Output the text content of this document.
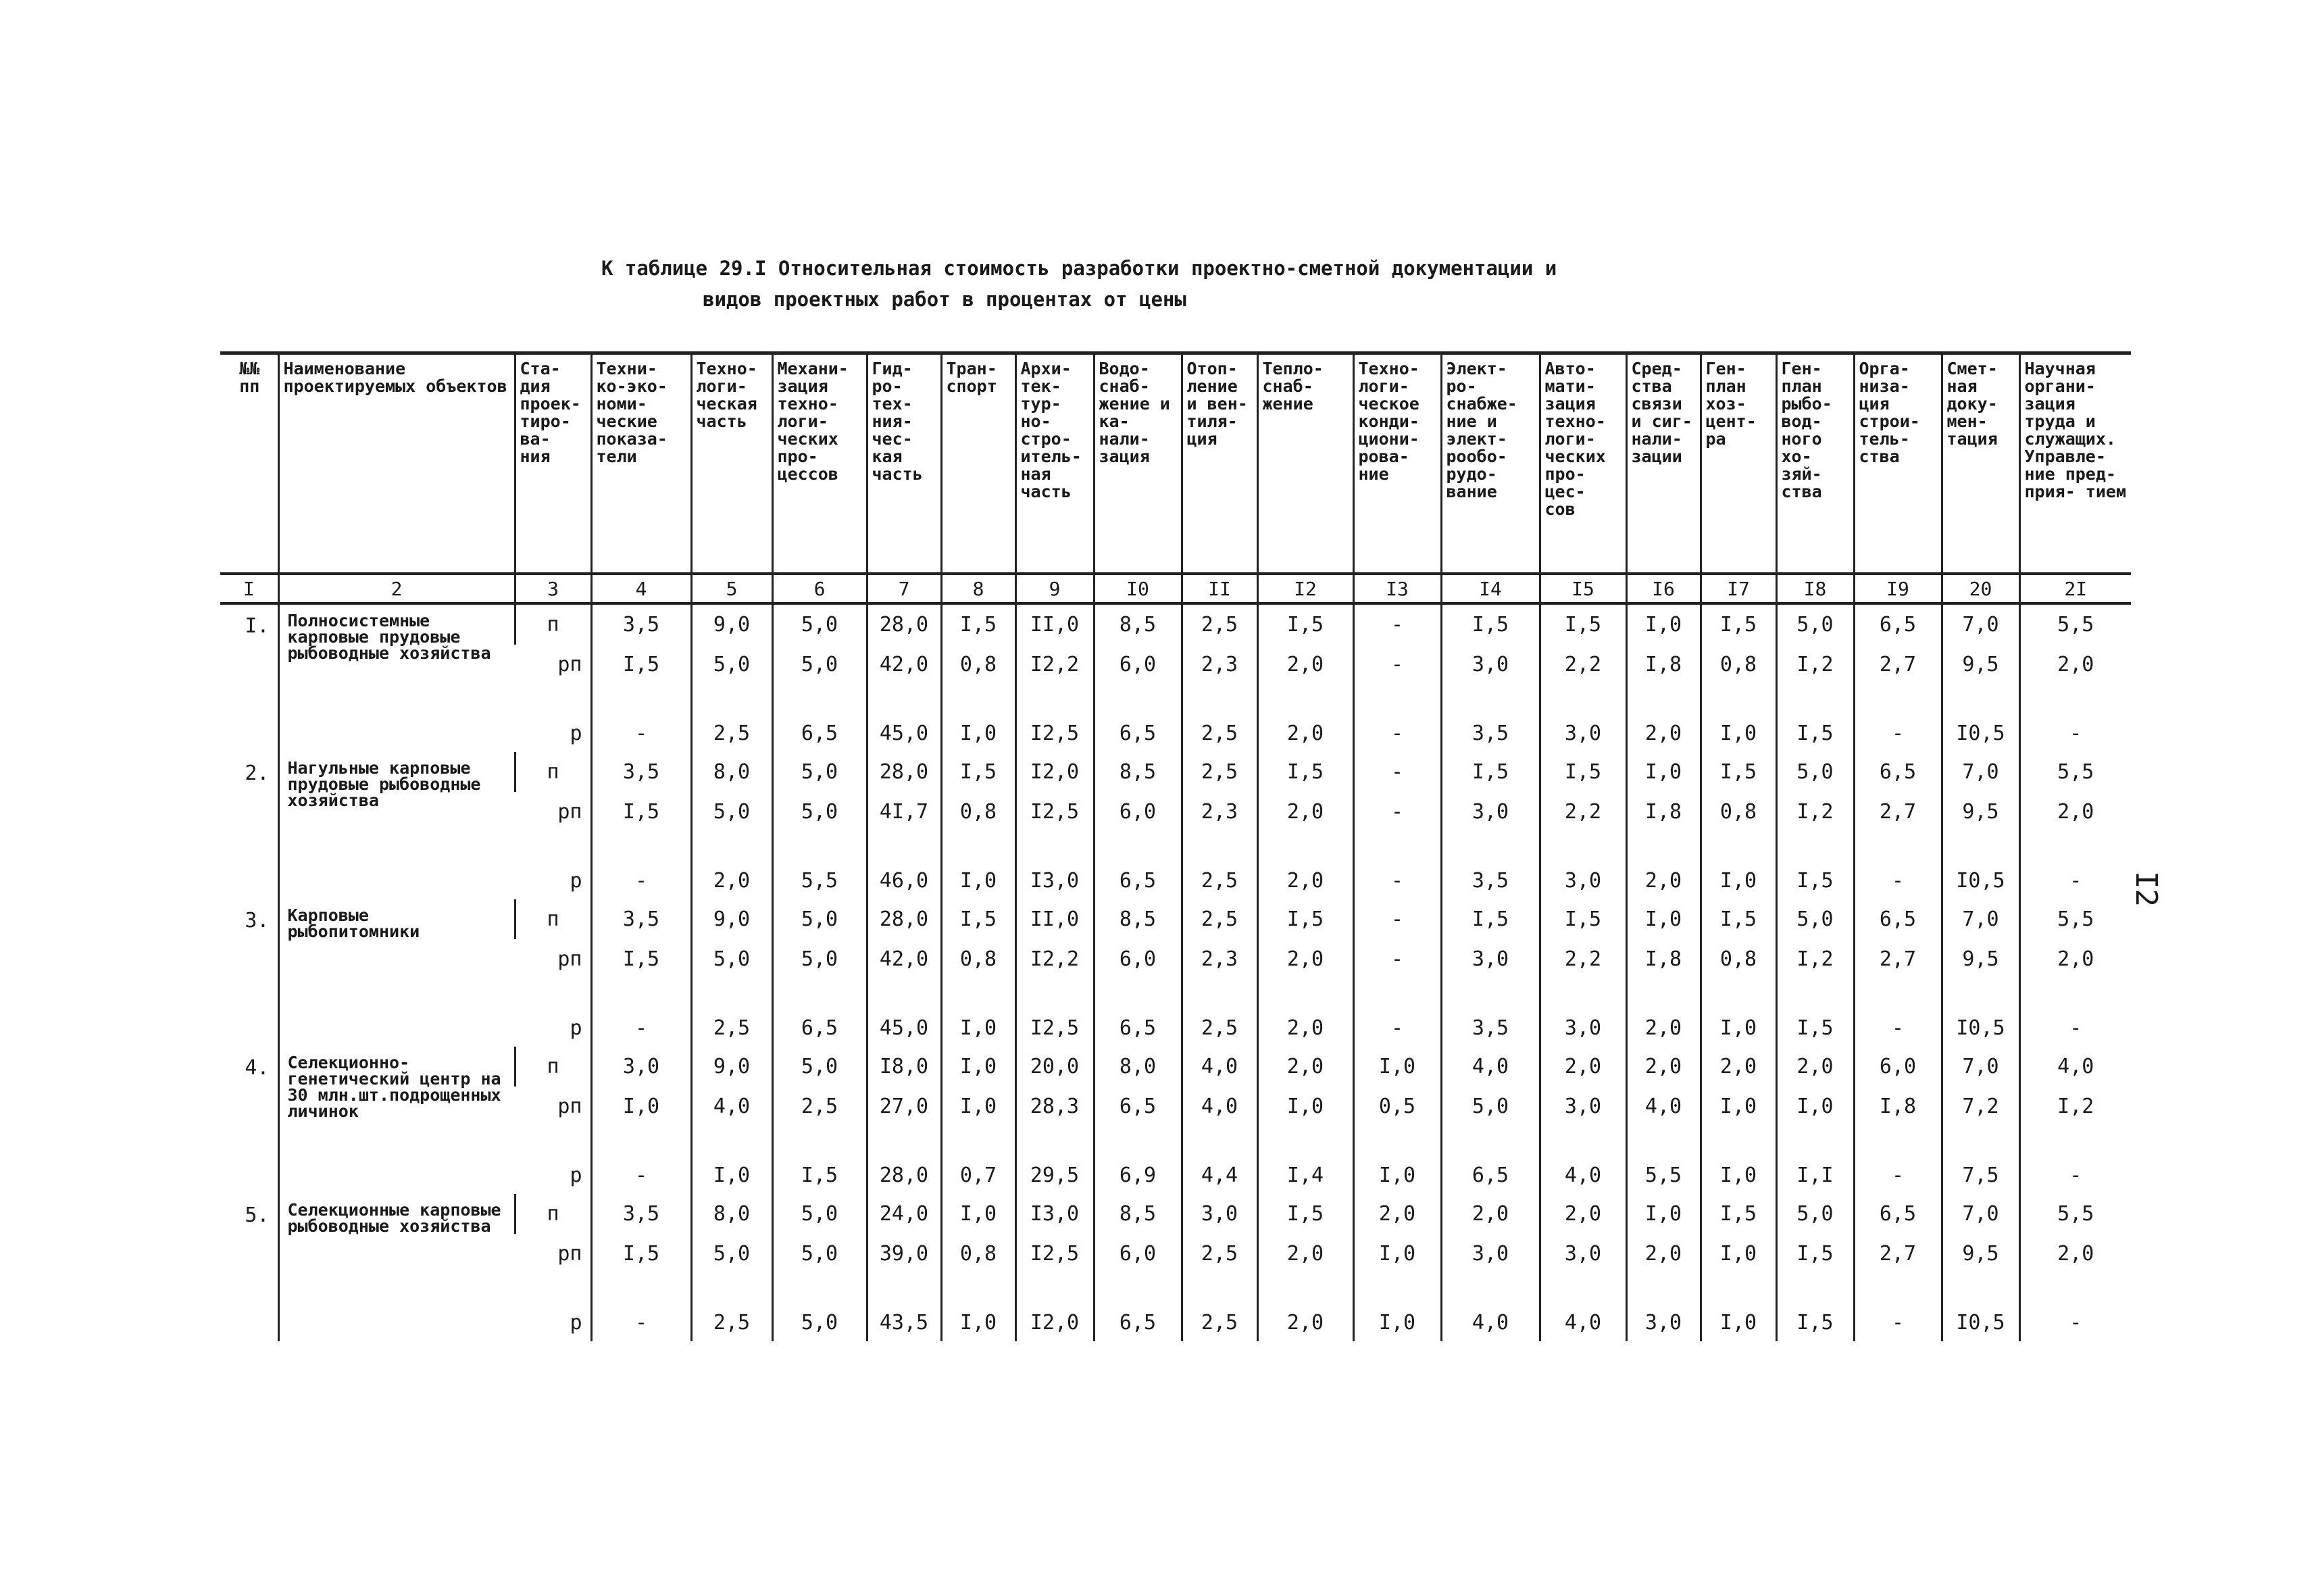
К таблице 29.I Относительная стоимость разработки проектно-сметной документации и
видов проектных работ в процентах от цены
№№ пп	Наименование проектируемых объектов	Ста- дия проек- тиро- ва- ния	Техни- ко-эко- номи- ческие показа- тели	Техно- логи- ческая часть	Механи- зация техно- логи- ческих про- цессов	Гид- ро- тех- ния- чес- кая часть	Тран- спорт	Архи- тек- тур- но- стро- итель- ная часть	Водо- снаб- жение и ка- нали- зация	Отоп- ление и вен- тиля- ция	Тепло- снаб- жение	Техно- логи- ческое конди- циони- рова- ние	Элект- ро- снабже- ние и элект- рообо- рудо- вание	Авто- мати- зация техно- логи- ческих про- цес- сов	Сред- ства связи и сиг- нали- зации	Ген- план хоз- цент- ра	Ген- план рыбо- вод- ного хо- зяй- ства	Орга- низа- ция строи- тель- ства	Смет- ная доку- мен- тация	Научная органи- зация труда и служащих. Управле- ние пред- прия- тием
I	2	3	4	5	6	7	8	9	I0	II	I2	I3	I4	I5	I6	I7	I8	I9	20	2I
I.	Полносистемные карповые прудовые рыбоводные хозяйства	п	3,5	9,0	5,0	28,0	I,5	II,0	8,5	2,5	I,5	-	I,5	I,5	I,0	I,5	5,0	6,5	7,0	5,5
		рп	I,5	5,0	5,0	42,0	0,8	I2,2	6,0	2,3	2,0	-	3,0	2,2	I,8	0,8	I,2	2,7	9,5	2,0
		р	-	2,5	6,5	45,0	I,0	I2,5	6,5	2,5	2,0	-	3,5	3,0	2,0	I,0	I,5	-	I0,5	-
2.	Нагульные карповые прудовые рыбоводные хозяйства	п	3,5	8,0	5,0	28,0	I,5	I2,0	8,5	2,5	I,5	-	I,5	I,5	I,0	I,5	5,0	6,5	7,0	5,5
		рп	I,5	5,0	5,0	4I,7	0,8	I2,5	6,0	2,3	2,0	-	3,0	2,2	I,8	0,8	I,2	2,7	9,5	2,0
		р	-	2,0	5,5	46,0	I,0	I3,0	6,5	2,5	2,0	-	3,5	3,0	2,0	I,0	I,5	-	I0,5	-
3.	Карповые рыбопитомники	п	3,5	9,0	5,0	28,0	I,5	II,0	8,5	2,5	I,5	-	I,5	I,5	I,0	I,5	5,0	6,5	7,0	5,5
		рп	I,5	5,0	5,0	42,0	0,8	I2,2	6,0	2,3	2,0	-	3,0	2,2	I,8	0,8	I,2	2,7	9,5	2,0
		р	-	2,5	6,5	45,0	I,0	I2,5	6,5	2,5	2,0	-	3,5	3,0	2,0	I,0	I,5	-	I0,5	-
4.	Селекционно-генетический центр на 30 млн.шт.подрощенных личинок	п	3,0	9,0	5,0	I8,0	I,0	20,0	8,0	4,0	2,0	I,0	4,0	2,0	2,0	2,0	2,0	6,0	7,0	4,0
		рп	I,0	4,0	2,5	27,0	I,0	28,3	6,5	4,0	I,0	0,5	5,0	3,0	4,0	I,0	I,0	I,8	7,2	I,2
		р	-	I,0	I,5	28,0	0,7	29,5	6,9	4,4	I,4	I,0	6,5	4,0	5,5	I,0	I,I	-	7,5	-
5.	Селекционные карповые рыбоводные хозяйства	п	3,5	8,0	5,0	24,0	I,0	I3,0	8,5	3,0	I,5	2,0	2,0	2,0	I,0	I,5	5,0	6,5	7,0	5,5
		рп	I,5	5,0	5,0	39,0	0,8	I2,5	6,0	2,5	2,0	I,0	3,0	3,0	2,0	I,0	I,5	2,7	9,5	2,0
		р	-	2,5	5,0	43,5	I,0	I2,0	6,5	2,5	2,0	I,0	4,0	4,0	3,0	I,0	I,5	-	I0,5	-
I2
